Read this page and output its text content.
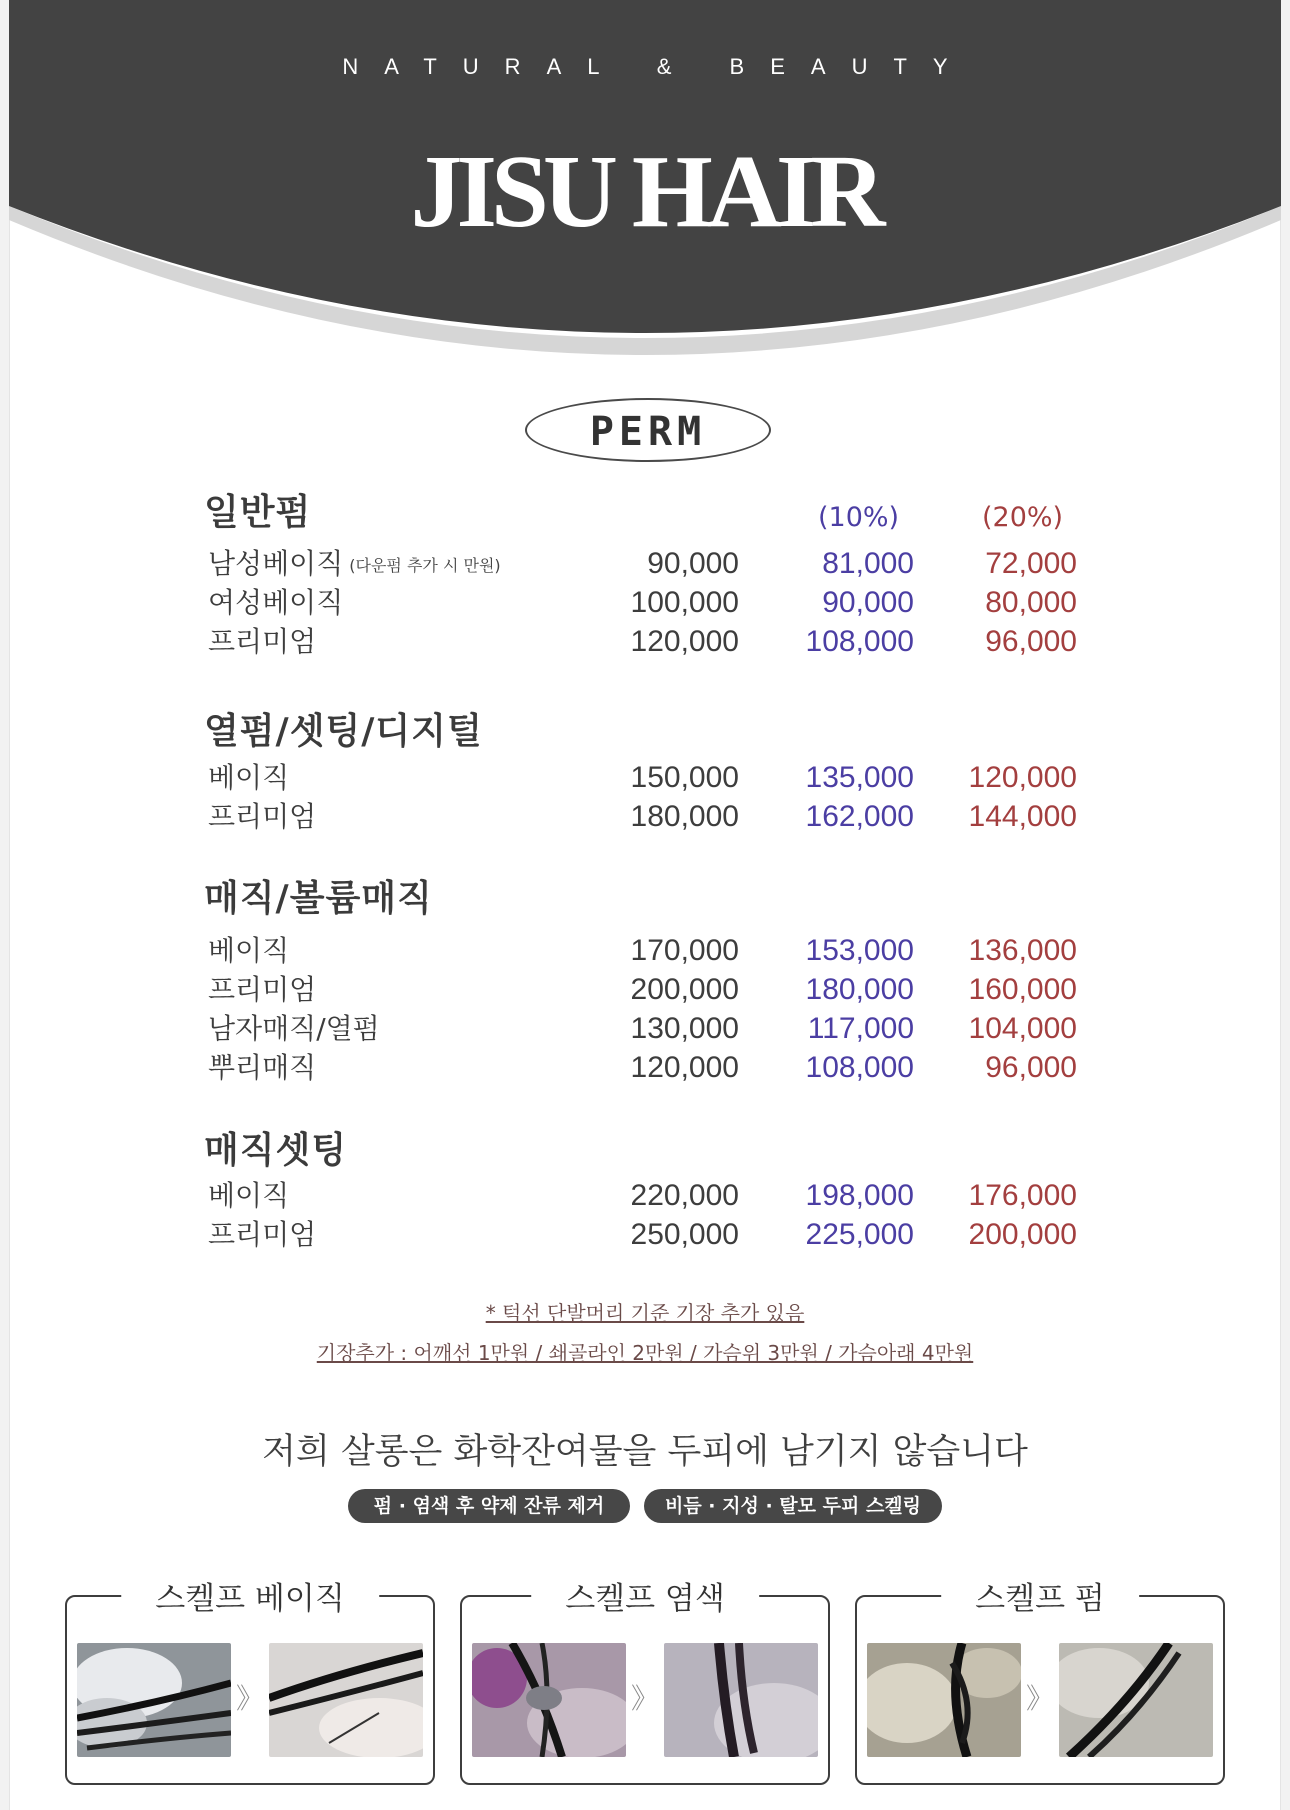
NATURAL & BEAUTY
JISU HAIR
PERM
(10%)	(20%)
일반펌
남성베이직 (다운펌 추가 시 만원)	90,000	81,000	72,000
여성베이직	100,000	90,000	80,000
프리미엄	120,000	108,000	96,000
열펌/셋팅/디지털
베이직	150,000	135,000	120,000
프리미엄	180,000	162,000	144,000
매직/볼륨매직
베이직	170,000	153,000	136,000
프리미엄	200,000	180,000	160,000
남자매직/열펌	130,000	117,000	104,000
뿌리매직	120,000	108,000	96,000
매직셋팅
베이직	220,000	198,000	176,000
프리미엄	250,000	225,000	200,000
* 턱선 단발머리 기준 기장 추가 있음
기장추가 : 어깨선 1만원 / 쇄골라인 2만원 / 가슴위 3만원 / 가슴아래 4만원
저희 살롱은 화학잔여물을 두피에 남기지 않습니다
펌 · 염색 후 약제 잔류 제거	비듬 · 지성 · 탈모 두피 스켈링
스켈프 베이직
》
스켈프 염색
》
스켈프 펌
》
